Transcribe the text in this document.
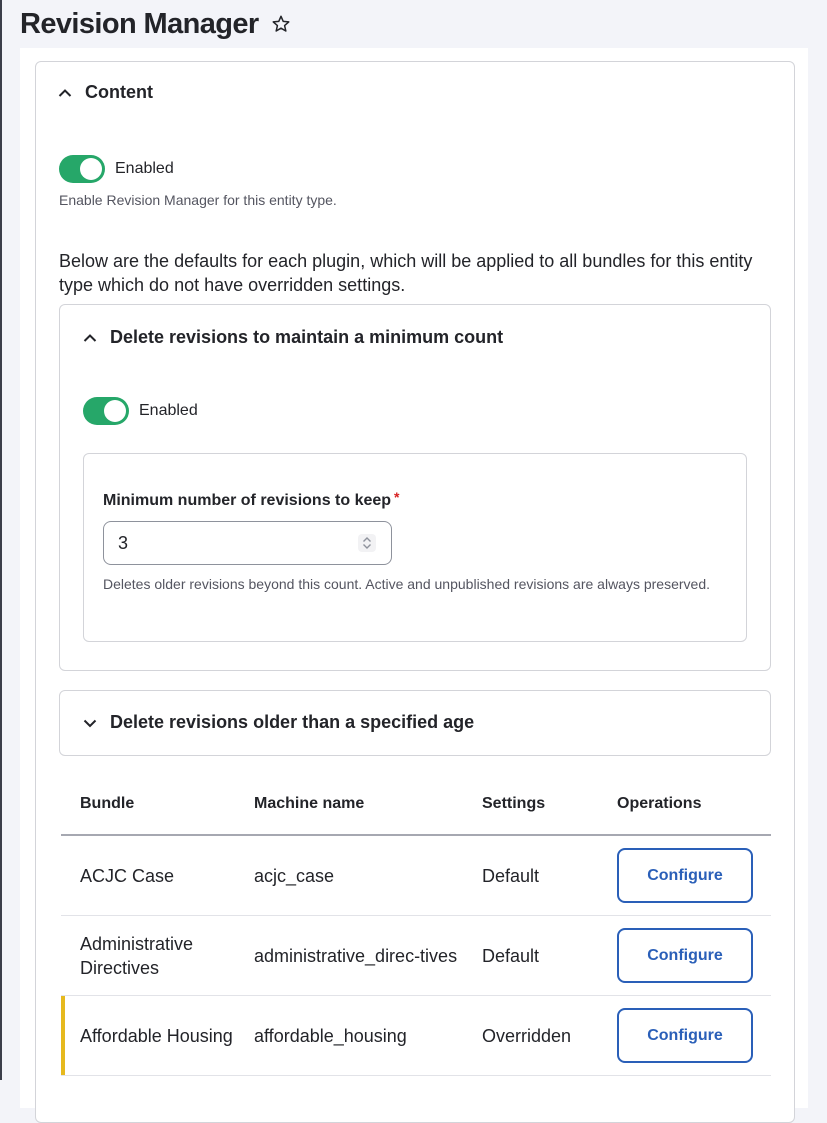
Revision Manager
Content
Enabled
Enable Revision Manager for this entity type.
Below are the defaults for each plugin, which will be applied to all bundles for this entity type which do not have overridden settings.
Delete revisions to maintain a minimum count
Enabled
Minimum number of revisions to keep *
3
Deletes older revisions beyond this count. Active and unpublished revisions are always preserved.
Delete revisions older than a specified age
Bundle	Machine name	Settings	Operations
ACJC Case	acjc_case	Default	Configure
Administrative Directives	administrative_direc-tives	Default	Configure
Affordable Housing	affordable_housing	Overridden	Configure
